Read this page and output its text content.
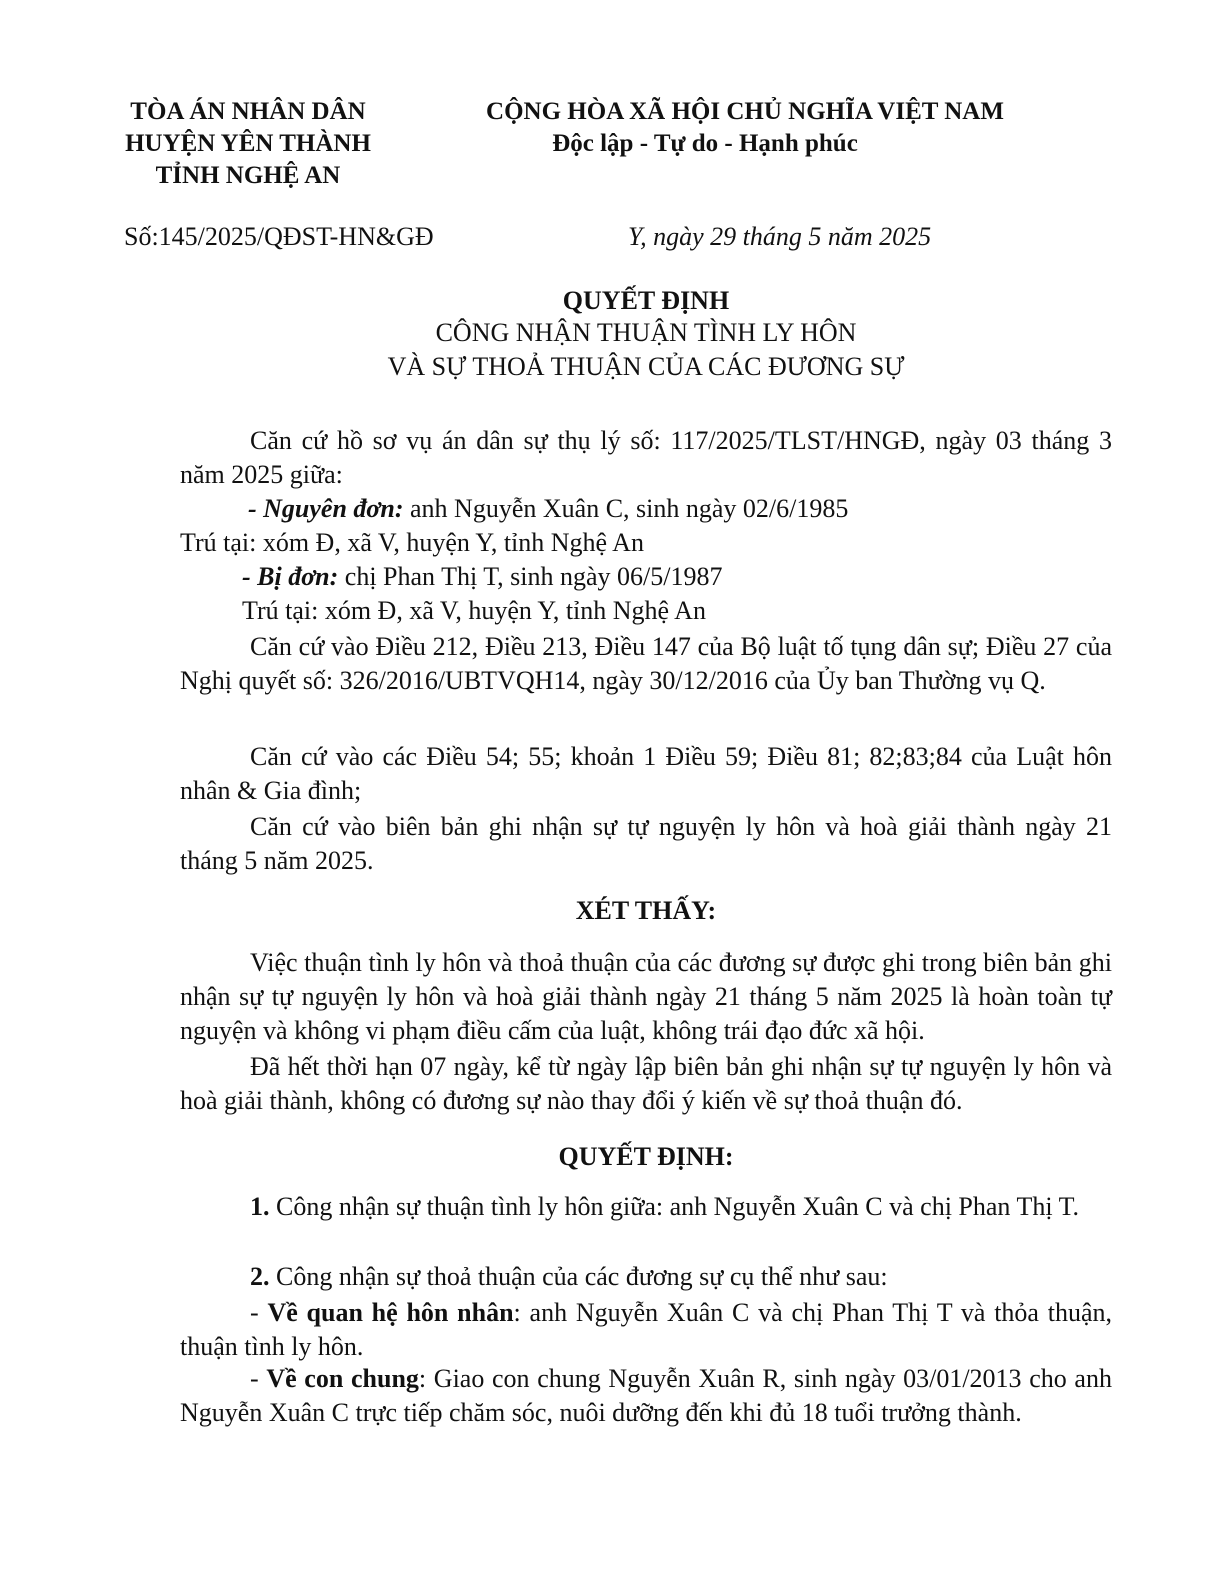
TÒA ÁN NHÂN DÂN
HUYỆN YÊN THÀNH
TỈNH NGHỆ AN
CỘNG HÒA XÃ HỘI CHỦ NGHĨA VIỆT NAM
Độc lập - Tự do - Hạnh phúc
Số:145/2025/QĐST-HN&GĐ	Y, ngày 29 tháng 5 năm 2025
QUYẾT ĐỊNH
CÔNG NHẬN THUẬN TÌNH LY HÔN
VÀ SỰ THOẢ THUẬN CỦA CÁC ĐƯƠNG SỰ
Căn cứ hồ sơ vụ án dân sự thụ lý số: 117/2025/TLST/HNGĐ, ngày 03 tháng 3 năm 2025 giữa:
- Nguyên đơn: anh Nguyễn Xuân C, sinh ngày 02/6/1985
Trú tại: xóm Đ, xã V, huyện Y, tỉnh Nghệ An
- Bị đơn: chị Phan Thị T, sinh ngày 06/5/1987
Trú tại: xóm Đ, xã V, huyện Y, tỉnh Nghệ An
Căn cứ vào Điều 212, Điều 213, Điều 147 của Bộ luật tố tụng dân sự; Điều 27 của Nghị quyết số: 326/2016/UBTVQH14, ngày 30/12/2016 của Ủy ban Thường vụ Q.
Căn cứ vào các Điều 54; 55; khoản 1 Điều 59; Điều 81; 82;83;84 của Luật hôn nhân & Gia đình;
Căn cứ vào biên bản ghi nhận sự tự nguyện ly hôn và hoà giải thành ngày 21 tháng 5 năm 2025.
XÉT THẤY:
Việc thuận tình ly hôn và thoả thuận của các đương sự được ghi trong biên bản ghi nhận sự tự nguyện ly hôn và hoà giải thành ngày 21 tháng 5 năm 2025 là hoàn toàn tự nguyện và không vi phạm điều cấm của luật, không trái đạo đức xã hội.
Đã hết thời hạn 07 ngày, kể từ ngày lập biên bản ghi nhận sự tự nguyện ly hôn và hoà giải thành, không có đương sự nào thay đổi ý kiến về sự thoả thuận đó.
QUYẾT ĐỊNH:
1. Công nhận sự thuận tình ly hôn giữa: anh Nguyễn Xuân C và chị Phan Thị T.
2. Công nhận sự thoả thuận của các đương sự cụ thể như sau:
- Về quan hệ hôn nhân: anh Nguyễn Xuân C và chị Phan Thị T và thỏa thuận, thuận tình ly hôn.
- Về con chung: Giao con chung Nguyễn Xuân R, sinh ngày 03/01/2013 cho anh Nguyễn Xuân C trực tiếp chăm sóc, nuôi dưỡng đến khi đủ 18 tuổi trưởng thành.
